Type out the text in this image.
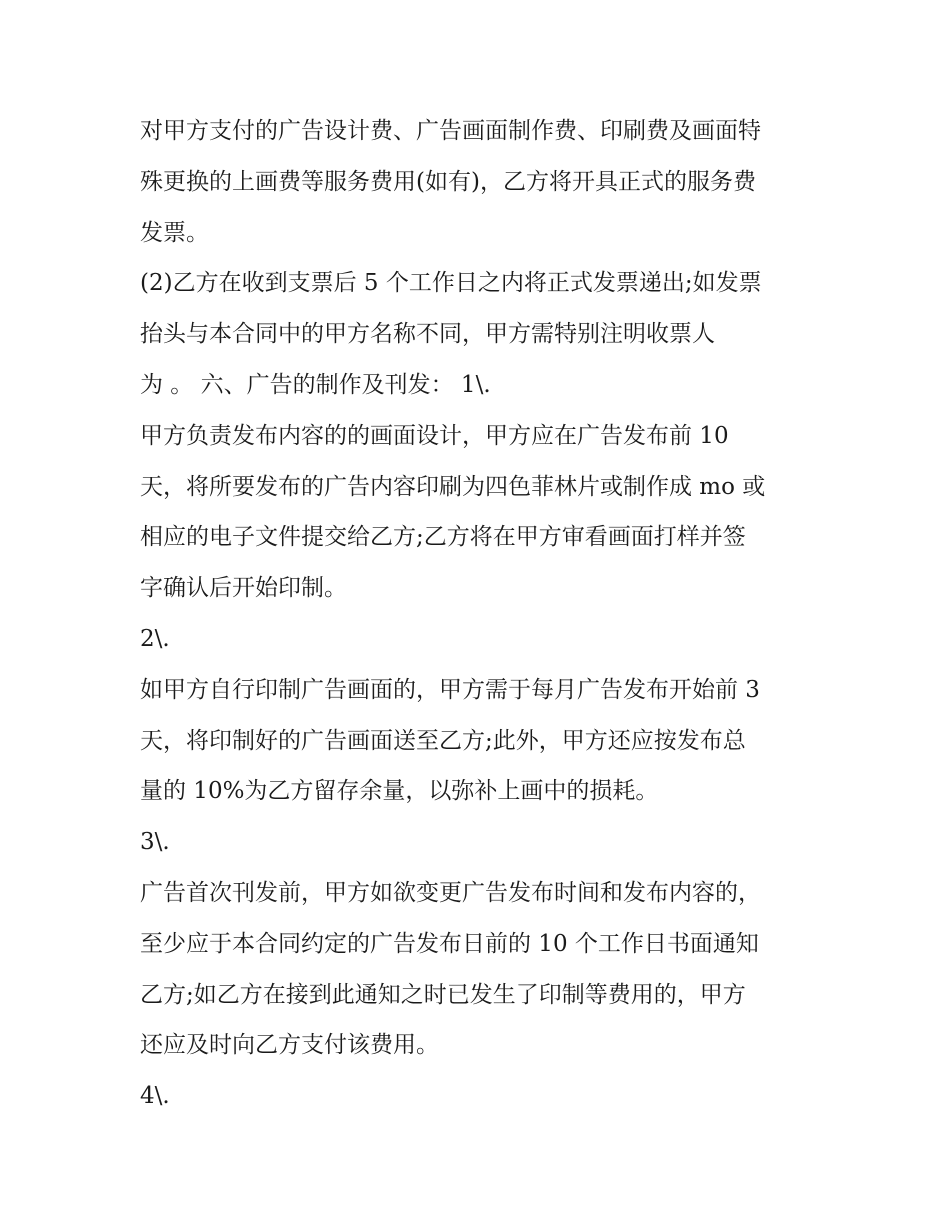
对甲方支付的广告设计费、广告画面制作费、印刷费及画面特
殊更换的上画费等服务费用(如有)，乙方将开具正式的服务费
发票。
(2)乙方在收到支票后 5 个工作日之内将正式发票递出;如发票
抬头与本合同中的甲方名称不同，甲方需特别注明收票人
为 。 六、广告的制作及刊发： 1\.
甲方负责发布内容的的画面设计，甲方应在广告发布前 10
天，将所要发布的广告内容印刷为四色菲林片或制作成 mo 或
相应的电子文件提交给乙方;乙方将在甲方审看画面打样并签
字确认后开始印制。
2\.
如甲方自行印制广告画面的，甲方需于每月广告发布开始前 3
天，将印制好的广告画面送至乙方;此外，甲方还应按发布总
量的 10%为乙方留存余量，以弥补上画中的损耗。
3\.
广告首次刊发前，甲方如欲变更广告发布时间和发布内容的，
至少应于本合同约定的广告发布日前的 10 个工作日书面通知
乙方;如乙方在接到此通知之时已发生了印制等费用的，甲方
还应及时向乙方支付该费用。
4\.
